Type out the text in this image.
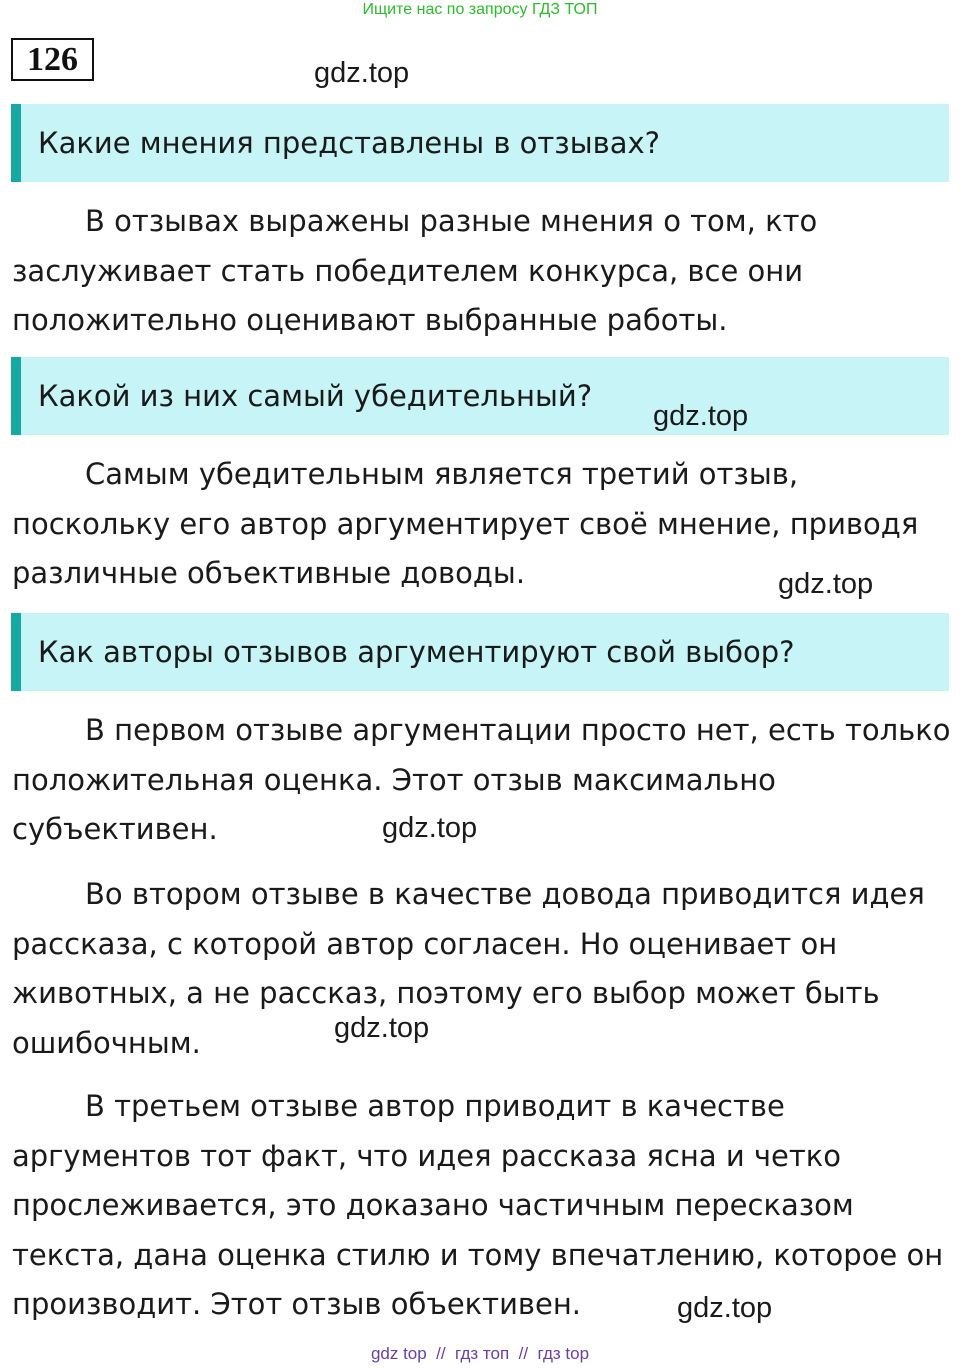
Ищите нас по запросу ГДЗ ТОП
126	gdz.top
Какие мнения представлены в отзывах?

В отзывах выражены разные мнения о том, кто заслуживает стать победителем конкурса, все они положительно оценивают выбранные работы.

Какой из них самый убедительный?
gdz.top

Самым убедительным является третий отзыв, поскольку его автор аргументирует своё мнение, приводя различные объективные доводы.	gdz.top
Как авторы отзывов аргументируют свой выбор?

В первом отзыве аргументации просто нет, есть только положительная оценка. Этот отзыв максимально субъективен.	gdz.top

Во втором отзыве в качестве довода приводится идея рассказа, с которой автор согласен. Но оценивает он животных, а не рассказ, поэтому его выбор может быть ошибочным.	gdz.top

В третьем отзыве автор приводит в качестве аргументов тот факт, что идея рассказа ясна и четко прослеживается, это доказано частичным пересказом текста, дана оценка стилю и тому впечатлению, которое он производит. Этот отзыв объективен.	gdz.top
gdz top  //  гдз топ  //  гдз top
